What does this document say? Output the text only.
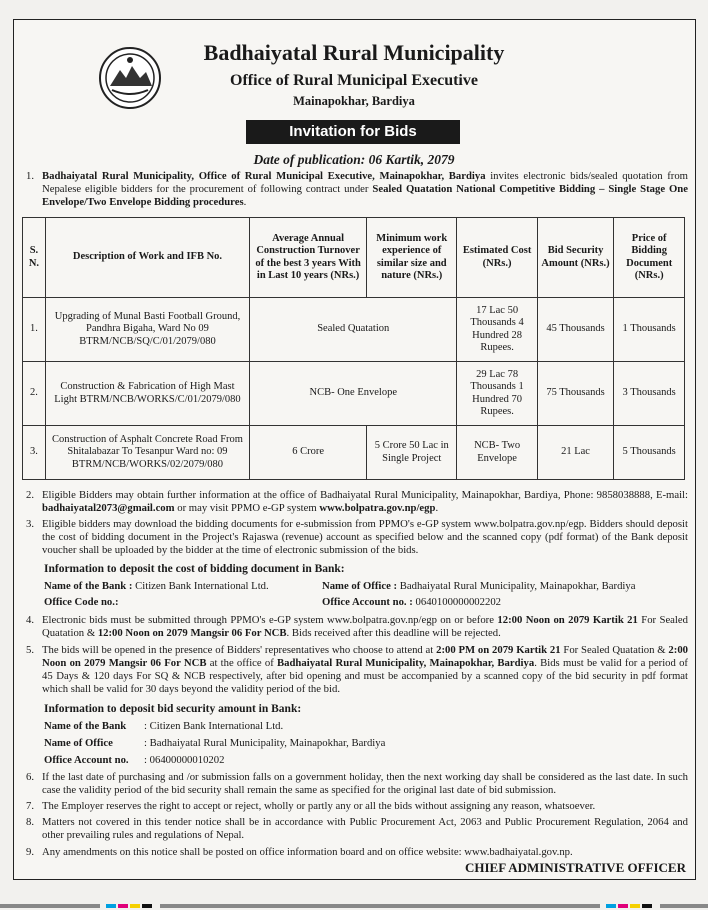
Badhaiyatal Rural Municipality
Office of Rural Municipal Executive
Mainapokhar, Bardiya
Invitation for Bids
Date of publication: 06 Kartik, 2079
1. Badhaiyatal Rural Municipality, Office of Rural Municipal Executive, Mainapokhar, Bardiya invites electronic bids/sealed quotation from Nepalese eligible bidders for the procurement of following contract under Sealed Quatation National Competitive Bidding – Single Stage One Envelope/Two Envelope Bidding procedures.
S. N.	Description of Work and IFB No.	Average Annual Construction Turnover of the best 3 years With in Last 10 years (NRs.)	Minimum work experience of similar size and nature (NRs.)	Estimated Cost (NRs.)	Bid Security Amount (NRs.)	Price of Bidding Document (NRs.)
1.	Upgrading of Munal Basti Football Ground, Pandhra Bigaha, Ward No 09 BTRM/NCB/SQ/C/01/2079/080	Sealed Quatation		17 Lac 50 Thousands 4 Hundred 28 Rupees.	45 Thousands	1 Thousands
2.	Construction & Fabrication of High Mast Light BTRM/NCB/WORKS/C/01/2079/080	NCB- One Envelope		29 Lac 78 Thousands 1 Hundred 70 Rupees.	75 Thousands	3 Thousands
3.	Construction of Asphalt Concrete Road From Shitalabazar To Tesanpur Ward no: 09 BTRM/NCB/WORKS/02/2079/080	6 Crore	5 Crore 50 Lac in Single Project	NCB- Two Envelope	21 Lac	5 Thousands
2. Eligible Bidders may obtain further information at the office of Badhaiyatal Rural Municipality, Mainapokhar, Bardiya, Phone: 9858038888, E-mail: badhaiyatal2073@gmail.com or may visit PPMO e-GP system www.bolpatra.gov.np/egp.
3. Eligible bidders may download the bidding documents for e-submission from PPMO's e-GP system www.bolpatra.gov.np/egp. Bidders should deposit the cost of bidding document in the Project's Rajaswa (revenue) account as specified below and the scanned copy (pdf format) of the Bank deposit voucher shall be uploaded by the bidder at the time of electronic submission of the bids.
Information to deposit the cost of bidding document in Bank:
Name of the Bank : Citizen Bank International Ltd.	Name of Office : Badhaiyatal Rural Municipality, Mainapokhar, Bardiya
Office Code no.:	Office Account no. : 0640100000002202
4. Electronic bids must be submitted through PPMO's e-GP system www.bolpatra.gov.np/egp on or before 12:00 Noon on 2079 Kartik 21 For Sealed Quatation & 12:00 Noon on 2079 Mangsir 06 For NCB. Bids received after this deadline will be rejected.
5. The bids will be opened in the presence of Bidders' representatives who choose to attend at 2:00 PM on 2079 Kartik 21 For Sealed Quatation & 2:00 Noon on 2079 Mangsir 06 For NCB at the office of Badhaiyatal Rural Municipality, Mainapokhar, Bardiya. Bids must be valid for a period of 45 Days & 120 days For SQ & NCB respectively, after bid opening and must be accompanied by a scanned copy of the bid security in pdf format which shall be valid for 30 days beyond the validity period of the bid.
Information to deposit bid security amount in Bank:
Name of the Bank : Citizen Bank International Ltd.
Name of Office	: Badhaiyatal Rural Municipality, Mainapokhar, Bardiya
Office Account no. : 06400000010202
6. If the last date of purchasing and /or submission falls on a government holiday, then the next working day shall be considered as the last date. In such case the validity period of the bid security shall remain the same as specified for the original last date of bid submission.
7. The Employer reserves the right to accept or reject, wholly or partly any or all the bids without assigning any reason, whatsoever.
8. Matters not covered in this tender notice shall be in accordance with Public Procurement Act, 2063 and Public Procurement Regulation, 2064 and other prevailing rules and regulations of Nepal.
9. Any amendments on this notice shall be posted on office information board and on office website: www.badhaiyatal.gov.np.
CHIEF ADMINISTRATIVE OFFICER
